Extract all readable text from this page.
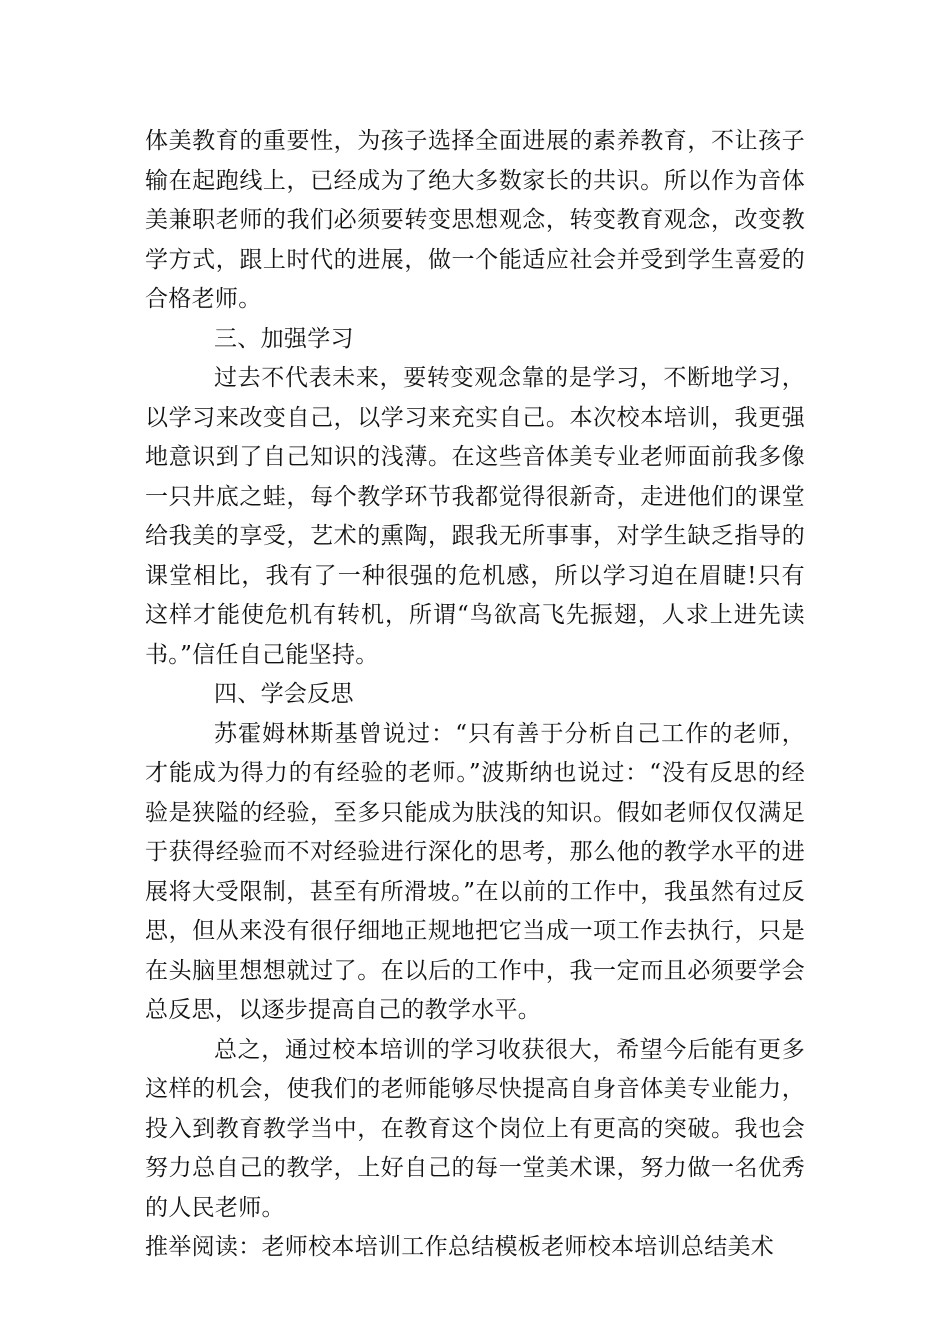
体美教育的重要性，为孩子选择全面进展的素养教育，不让孩子输在起跑线上，已经成为了绝大多数家长的共识。所以作为音体美兼职老师的我们必须要转变思想观念，转变教育观念，改变教学方式，跟上时代的进展，做一个能适应社会并受到学生喜爱的合格老师。

三、加强学习

过去不代表未来，要转变观念靠的是学习，不断地学习，以学习来改变自己，以学习来充实自己。本次校本培训，我更强地意识到了自己知识的浅薄。在这些音体美专业老师面前我多像一只井底之蛙，每个教学环节我都觉得很新奇，走进他们的课堂给我美的享受，艺术的熏陶，跟我无所事事，对学生缺乏指导的课堂相比，我有了一种很强的危机感，所以学习迫在眉睫!只有这样才能使危机有转机，所谓“鸟欲高飞先振翅，人求上进先读书。”信任自己能坚持。

四、学会反思

苏霍姆林斯基曾说过：“只有善于分析自己工作的老师，才能成为得力的有经验的老师。”波斯纳也说过：“没有反思的经验是狭隘的经验，至多只能成为肤浅的知识。假如老师仅仅满足于获得经验而不对经验进行深化的思考，那么他的教学水平的进展将大受限制，甚至有所滑坡。”在以前的工作中，我虽然有过反思，但从来没有很仔细地正规地把它当成一项工作去执行，只是在头脑里想想就过了。在以后的工作中，我一定而且必须要学会总反思，以逐步提高自己的教学水平。

总之，通过校本培训的学习收获很大，希望今后能有更多这样的机会，使我们的老师能够尽快提高自身音体美专业能力，投入到教育教学当中，在教育这个岗位上有更高的突破。我也会努力总自己的教学，上好自己的每一堂美术课，努力做一名优秀的人民老师。

推举阅读：老师校本培训工作总结模板老师校本培训总结美术
